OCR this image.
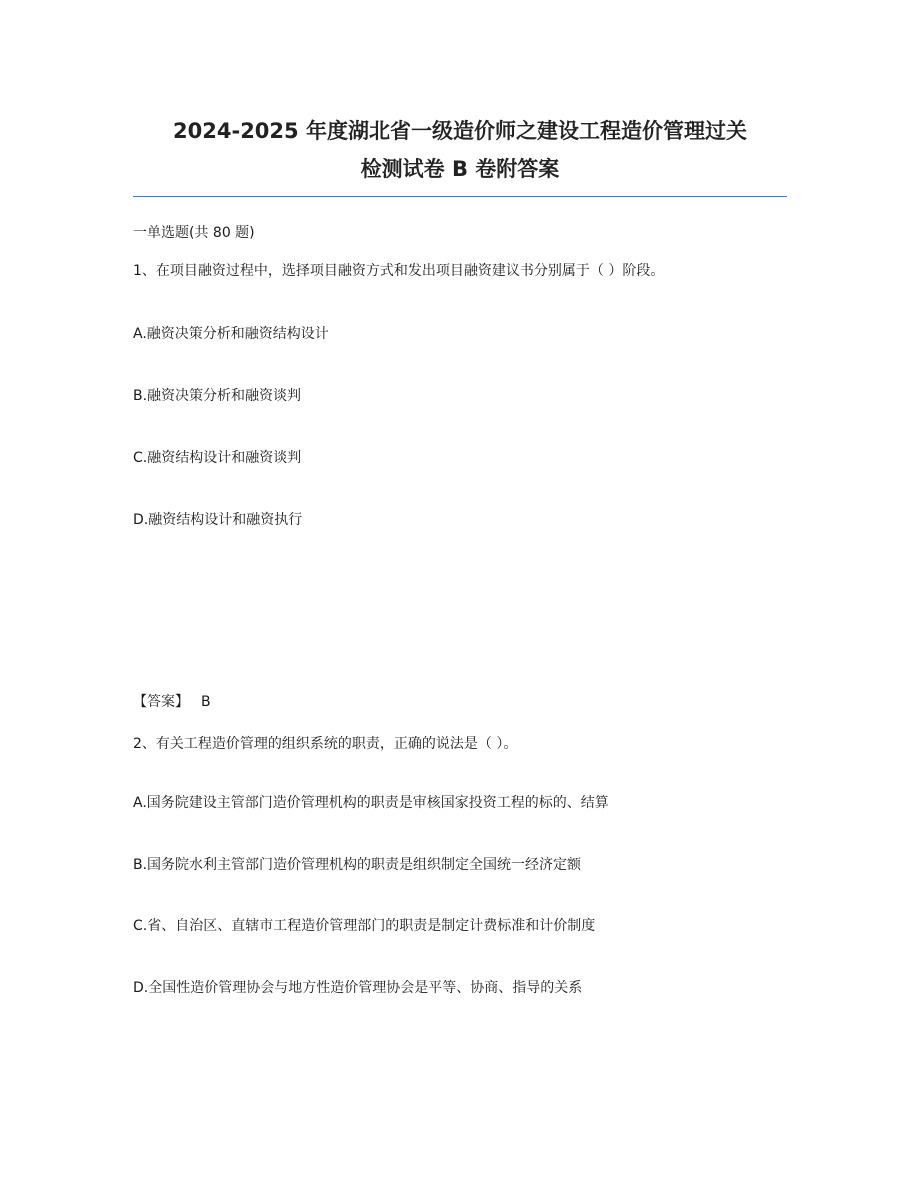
2024-2025 年度湖北省一级造价师之建设工程造价管理过关
检测试卷 B 卷附答案
一单选题(共 80 题)
1、在项目融资过程中，选择项目融资方式和发出项目融资建议书分别属于（ ）阶段。
A.融资决策分析和融资结构设计
B.融资决策分析和融资谈判
C.融资结构设计和融资谈判
D.融资结构设计和融资执行
【答案】 B
2、有关工程造价管理的组织系统的职责，正确的说法是（ ）。
A.国务院建设主管部门造价管理机构的职责是审核国家投资工程的标的、结算
B.国务院水利主管部门造价管理机构的职责是组织制定全国统一经济定额
C.省、自治区、直辖市工程造价管理部门的职责是制定计费标准和计价制度
D.全国性造价管理协会与地方性造价管理协会是平等、协商、指导的关系
